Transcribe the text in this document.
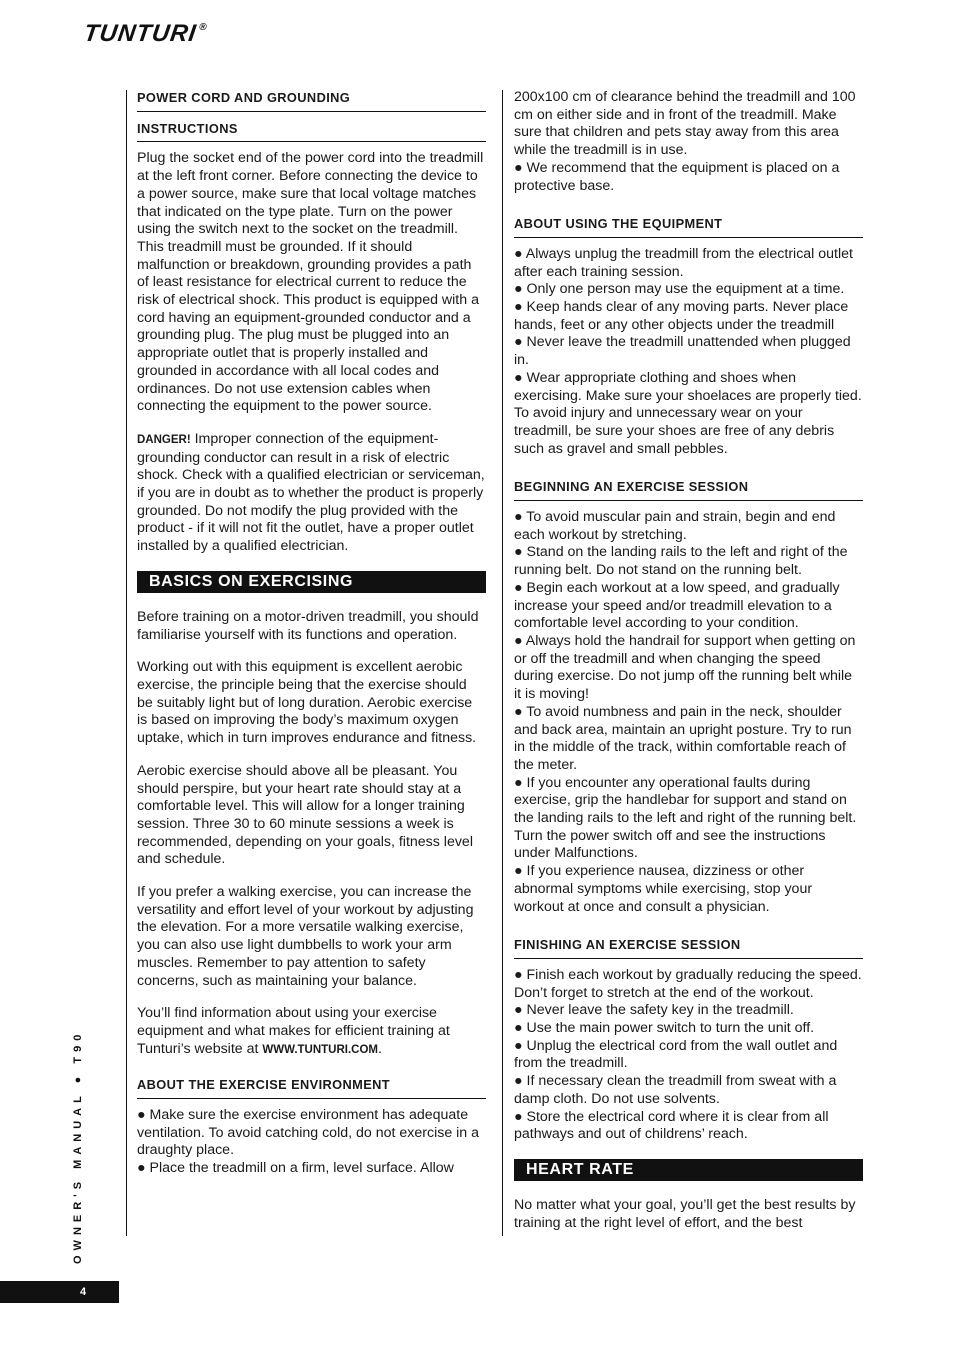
TUNTURI®
POWER CORD AND GROUNDING
INSTRUCTIONS

Plug the socket end of the power cord into the treadmill at the left front corner. Before connecting the device to a power source, make sure that local voltage matches that indicated on the type plate. Turn on the power using the switch next to the socket on the treadmill. This treadmill must be grounded. If it should malfunction or breakdown, grounding provides a path of least resistance for electrical current to reduce the risk of electrical shock. This product is equipped with a cord having an equipment-grounded conductor and a grounding plug. The plug must be plugged into an appropriate outlet that is properly installed and grounded in accordance with all local codes and ordinances. Do not use extension cables when connecting the equipment to the power source.

DANGER! Improper connection of the equipment-grounding conductor can result in a risk of electric shock. Check with a qualified electrician or serviceman, if you are in doubt as to whether the product is properly grounded. Do not modify the plug provided with the product - if it will not fit the outlet, have a proper outlet installed by a qualified electrician.

BASICS ON EXERCISING

Before training on a motor-driven treadmill, you should familiarise yourself with its functions and operation.

Working out with this equipment is excellent aerobic exercise, the principle being that the exercise should be suitably light but of long duration. Aerobic exercise is based on improving the body’s maximum oxygen uptake, which in turn improves endurance and fitness.

Aerobic exercise should above all be pleasant. You should perspire, but your heart rate should stay at a comfortable level. This will allow for a longer training session. Three 30 to 60 minute sessions a week is recommended, depending on your goals, fitness level and schedule.

If you prefer a walking exercise, you can increase the versatility and effort level of your workout by adjusting the elevation. For a more versatile walking exercise, you can also use light dumbbells to work your arm muscles. Remember to pay attention to safety concerns, such as maintaining your balance.

You’ll find information about using your exercise equipment and what makes for efficient training at Tunturi’s website at WWW.TUNTURI.COM.

ABOUT THE EXERCISE ENVIRONMENT

● Make sure the exercise environment has adequate ventilation. To avoid catching cold, do not exercise in a draughty place.

● Place the treadmill on a firm, level surface. Allow

200x100 cm of clearance behind the treadmill and 100 cm on either side and in front of the treadmill. Make sure that children and pets stay away from this area while the treadmill is in use.

● We recommend that the equipment is placed on a protective base.

ABOUT USING THE EQUIPMENT

● Always unplug the treadmill from the electrical outlet after each training session.

● Only one person may use the equipment at a time.

● Keep hands clear of any moving parts. Never place hands, feet or any other objects under the treadmill

● Never leave the treadmill unattended when plugged in.

● Wear appropriate clothing and shoes when exercising. Make sure your shoelaces are properly tied. To avoid injury and unnecessary wear on your treadmill, be sure your shoes are free of any debris such as gravel and small pebbles.

BEGINNING AN EXERCISE SESSION

● To avoid muscular pain and strain, begin and end each workout by stretching.

● Stand on the landing rails to the left and right of the running belt. Do not stand on the running belt.

● Begin each workout at a low speed, and gradually increase your speed and/or treadmill elevation to a comfortable level according to your condition.

● Always hold the handrail for support when getting on or off the treadmill and when changing the speed during exercise. Do not jump off the running belt while it is moving!

● To avoid numbness and pain in the neck, shoulder and back area, maintain an upright posture. Try to run in the middle of the track, within comfortable reach of the meter.

● If you encounter any operational faults during exercise, grip the handlebar for support and stand on the landing rails to the left and right of the running belt. Turn the power switch off and see the instructions under Malfunctions.

● If you experience nausea, dizziness or other abnormal symptoms while exercising, stop your workout at once and consult a physician.

FINISHING AN EXERCISE SESSION

● Finish each workout by gradually reducing the speed. Don’t forget to stretch at the end of the workout.

● Never leave the safety key in the treadmill.

● Use the main power switch to turn the unit off.

● Unplug the electrical cord from the wall outlet and from the treadmill.

● If necessary clean the treadmill from sweat with a damp cloth. Do not use solvents.

● Store the electrical cord where it is clear from all pathways and out of childrens’ reach.

HEART RATE

No matter what your goal, you’ll get the best results by training at the right level of effort, and the best

OWNER'S MANUAL ● T90
4
